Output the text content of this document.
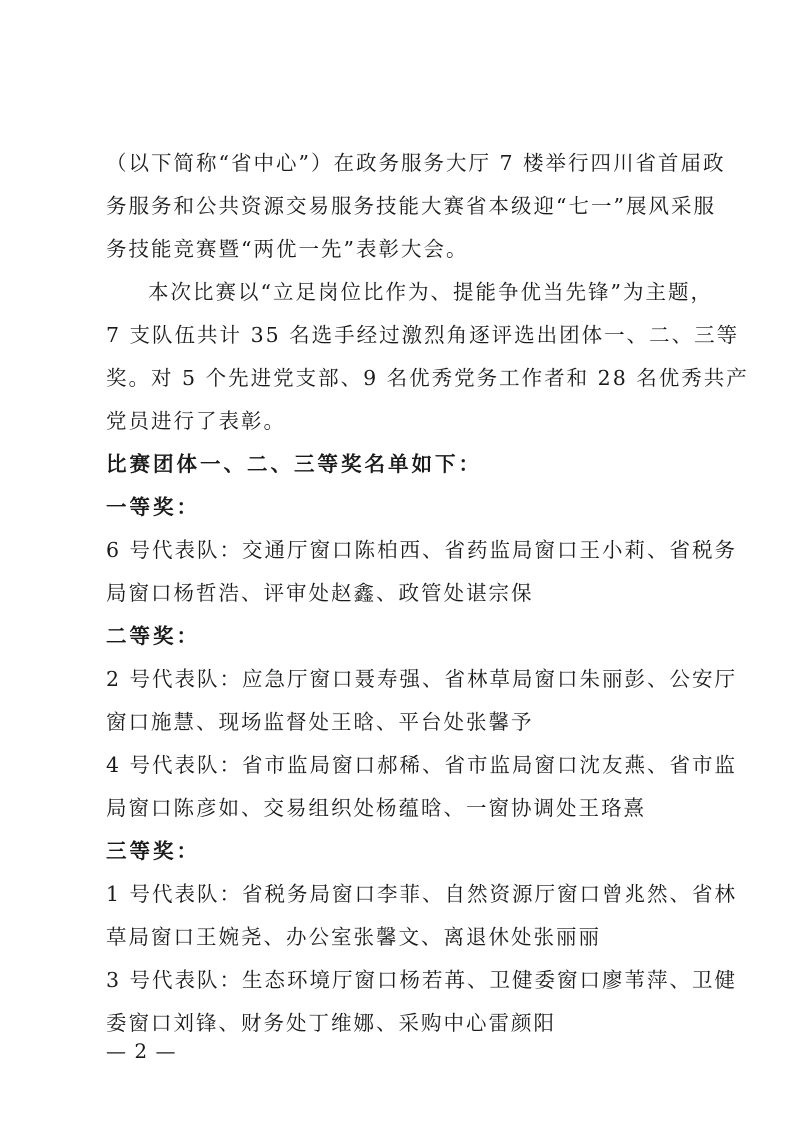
（以下简称“省中心”）在政务服务大厅 7 楼举行四川省首届政
务服务和公共资源交易服务技能大赛省本级迎“七一”展风采服
务技能竞赛暨“两优一先”表彰大会。
本次比赛以“立足岗位比作为、提能争优当先锋”为主题，
7 支队伍共计 35 名选手经过激烈角逐评选出团体一、二、三等
奖。对 5 个先进党支部、9 名优秀党务工作者和 28 名优秀共产
党员进行了表彰。
比赛团体一、二、三等奖名单如下：
一等奖：
6 号代表队：交通厅窗口陈柏西、省药监局窗口王小莉、省税务
局窗口杨哲浩、评审处赵鑫、政管处谌宗保
二等奖：
2 号代表队：应急厅窗口聂寿强、省林草局窗口朱丽彭、公安厅
窗口施慧、现场监督处王晗、平台处张馨予
4 号代表队：省市监局窗口郝稀、省市监局窗口沈友燕、省市监
局窗口陈彦如、交易组织处杨蕴晗、一窗协调处王珞熹
三等奖：
1 号代表队：省税务局窗口李菲、自然资源厅窗口曾兆然、省林
草局窗口王婉尧、办公室张馨文、离退休处张丽丽
3 号代表队：生态环境厅窗口杨若苒、卫健委窗口廖苇萍、卫健
委窗口刘锋、财务处丁维娜、采购中心雷颜阳
— 2 —
